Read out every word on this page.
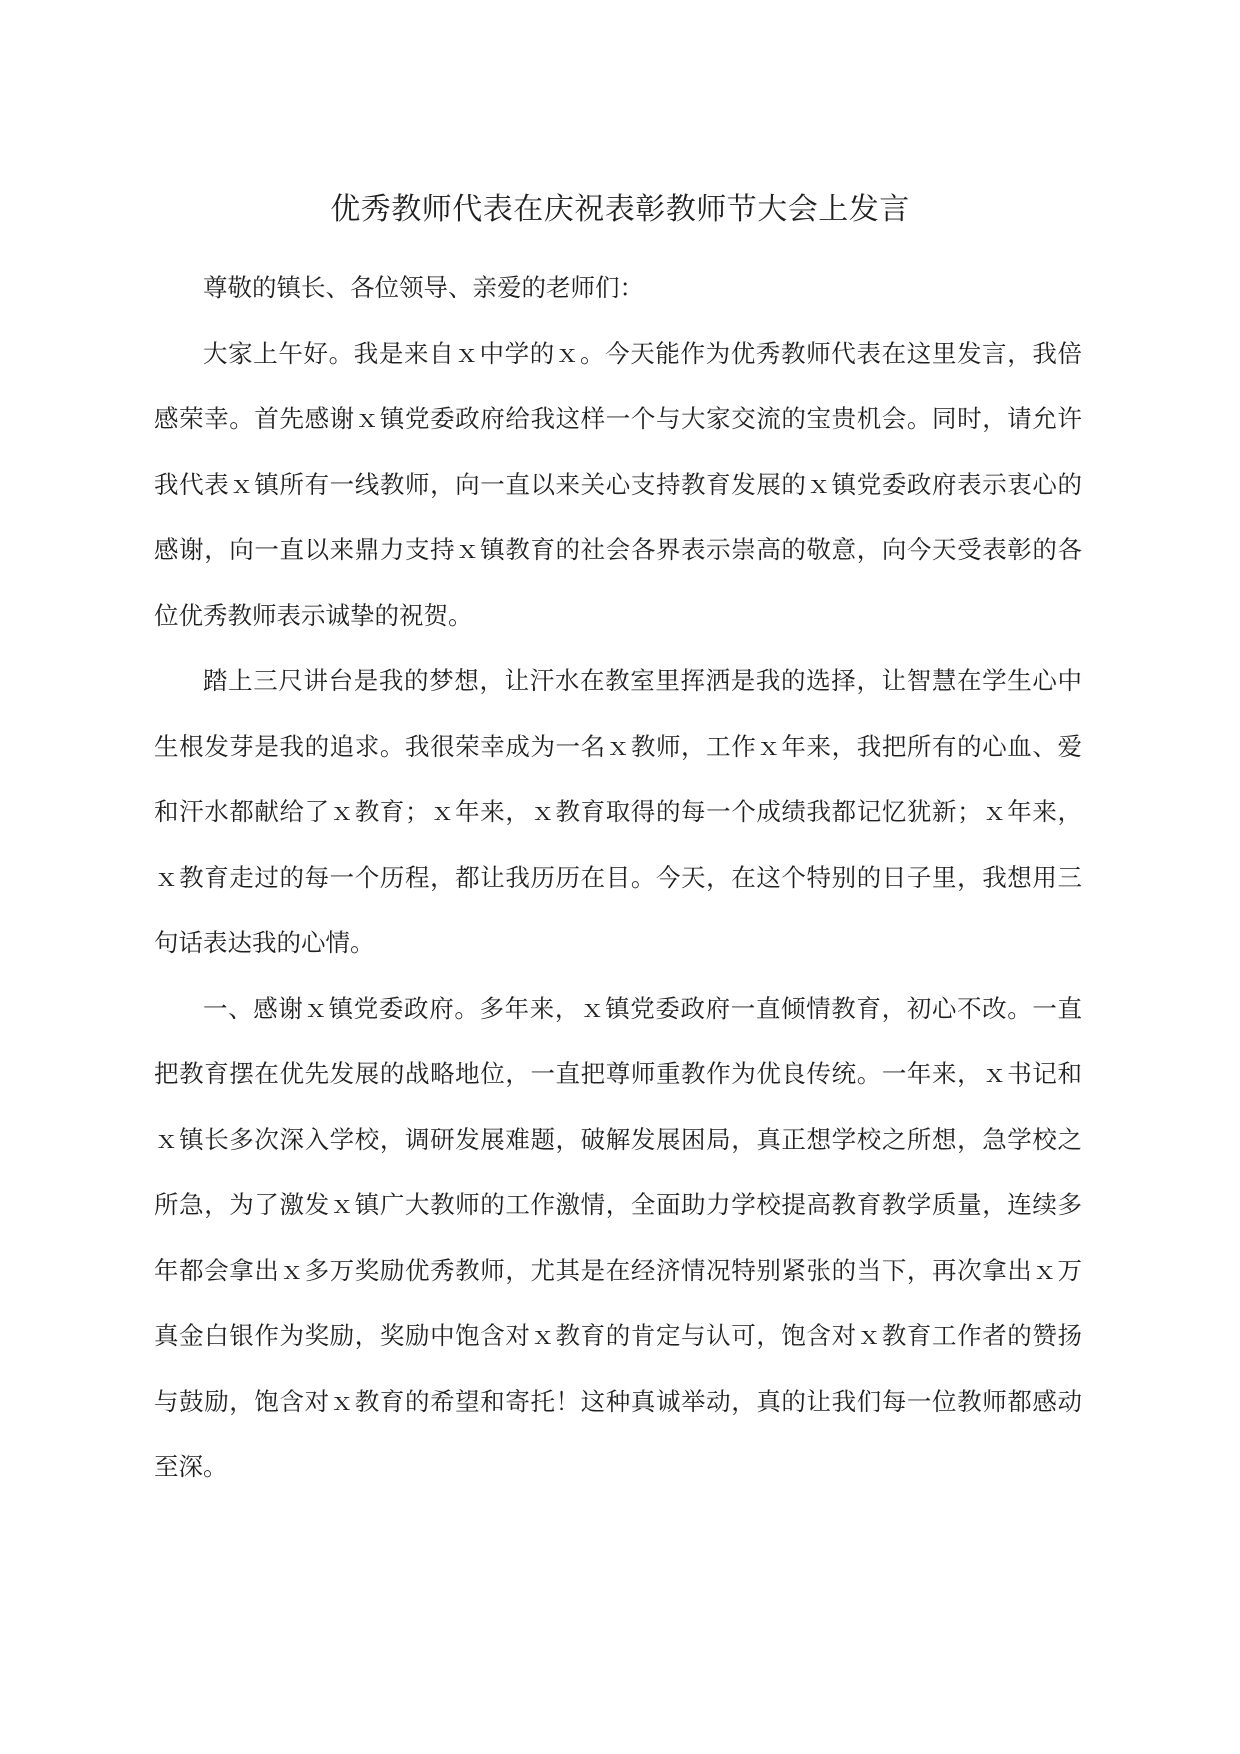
优秀教师代表在庆祝表彰教师节大会上发言

尊敬的镇长、各位领导、亲爱的老师们：

大家上午好。我是来自ｘ中学的ｘ。今天能作为优秀教师代表在这里发言，我倍感荣幸。首先感谢ｘ镇党委政府给我这样一个与大家交流的宝贵机会。同时，请允许我代表ｘ镇所有一线教师，向一直以来关心支持教育发展的ｘ镇党委政府表示衷心的感谢，向一直以来鼎力支持ｘ镇教育的社会各界表示崇高的敬意，向今天受表彰的各位优秀教师表示诚挚的祝贺。

踏上三尺讲台是我的梦想，让汗水在教室里挥洒是我的选择，让智慧在学生心中生根发芽是我的追求。我很荣幸成为一名ｘ教师，工作ｘ年来，我把所有的心血、爱和汗水都献给了ｘ教育；ｘ年来，ｘ教育取得的每一个成绩我都记忆犹新；ｘ年来，ｘ教育走过的每一个历程，都让我历历在目。今天，在这个特别的日子里，我想用三句话表达我的心情。

一、感谢ｘ镇党委政府。多年来，ｘ镇党委政府一直倾情教育，初心不改。一直把教育摆在优先发展的战略地位，一直把尊师重教作为优良传统。一年来，ｘ书记和ｘ镇长多次深入学校，调研发展难题，破解发展困局，真正想学校之所想，急学校之所急，为了激发ｘ镇广大教师的工作激情，全面助力学校提高教育教学质量，连续多年都会拿出ｘ多万奖励优秀教师，尤其是在经济情况特别紧张的当下，再次拿出ｘ万真金白银作为奖励，奖励中饱含对ｘ教育的肯定与认可，饱含对ｘ教育工作者的赞扬与鼓励，饱含对ｘ教育的希望和寄托！这种真诚举动，真的让我们每一位教师都感动至深。
